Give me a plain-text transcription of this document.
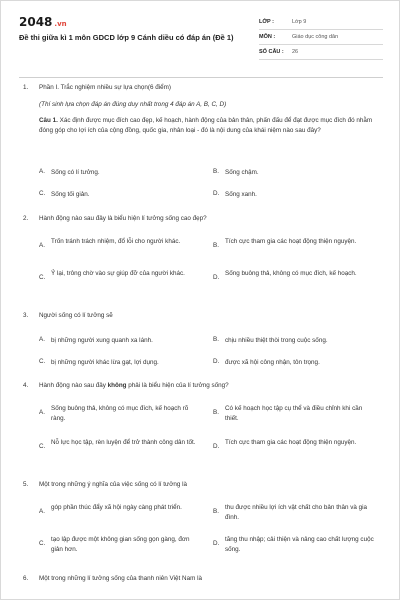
2048 .vn
Đề thi giữa kì 1 môn GDCD lớp 9 Cánh diều có đáp án (Đề 1)
LỚP :	Lớp 9
MÔN :	Giáo dục công dân
SỐ CÂU :	26
1. Phần I. Trắc nghiệm nhiều sự lựa chọn(6 điểm)
(Thí sinh lựa chọn đáp án đúng duy nhất trong 4 đáp án A, B, C, D)
Câu 1. Xác định được mục đích cao đẹp, kế hoạch, hành động của bản thân, phấn đấu để đạt được mục đích đó nhằm đóng góp cho lợi ích của cộng đồng, quốc gia, nhân loại - đó là nội dung của khái niệm nào sau đây?
A. Sống có lí tưởng.	B. Sống chậm.
C. Sống tối giản.	D. Sống xanh.
2. Hành động nào sau đây là biểu hiện lí tưởng sống cao đẹp?
A.
Trốn tránh trách nhiệm, đổ lỗi cho người khác.
B.
Tích cực tham gia các hoạt động thiện nguyện.
C.
Ỷ lại, trông chờ vào sự giúp đỡ của người khác.
D.
Sống buông thả, không có mục đích, kế hoạch.
3. Người sống có lí tưởng sẽ
A. bị những người xung quanh xa lánh.	B. chịu nhiều thiệt thòi trong cuộc sống.
C. bị những người khác lừa gạt, lợi dụng.	D. được xã hội công nhận, tôn trọng.
4. Hành động nào sau đây không phải là biểu hiện của lí tưởng sống?
A.
Sống buông thả, không có mục đích, kế hoạch rõ ràng.
B.
Có kế hoạch học tập cụ thể và điều chỉnh khi cần thiết.
C.
Nỗ lực học tập, rèn luyện để trở thành công dân tốt.
D.
Tích cực tham gia các hoạt động thiện nguyện.
5. Một trong những ý nghĩa của việc sống có lí tưởng là
A.
góp phần thúc đẩy xã hội ngày càng phát triển.
B.
thu được nhiều lợi ích vật chất cho bản thân và gia đình.
C.
tạo lập được một không gian sống gọn gàng, đơn giản hơn.
D.
tăng thu nhập; cải thiện và nâng cao chất lượng cuộc sống.
6. Một trong những lí tưởng sống của thanh niên Việt Nam là
